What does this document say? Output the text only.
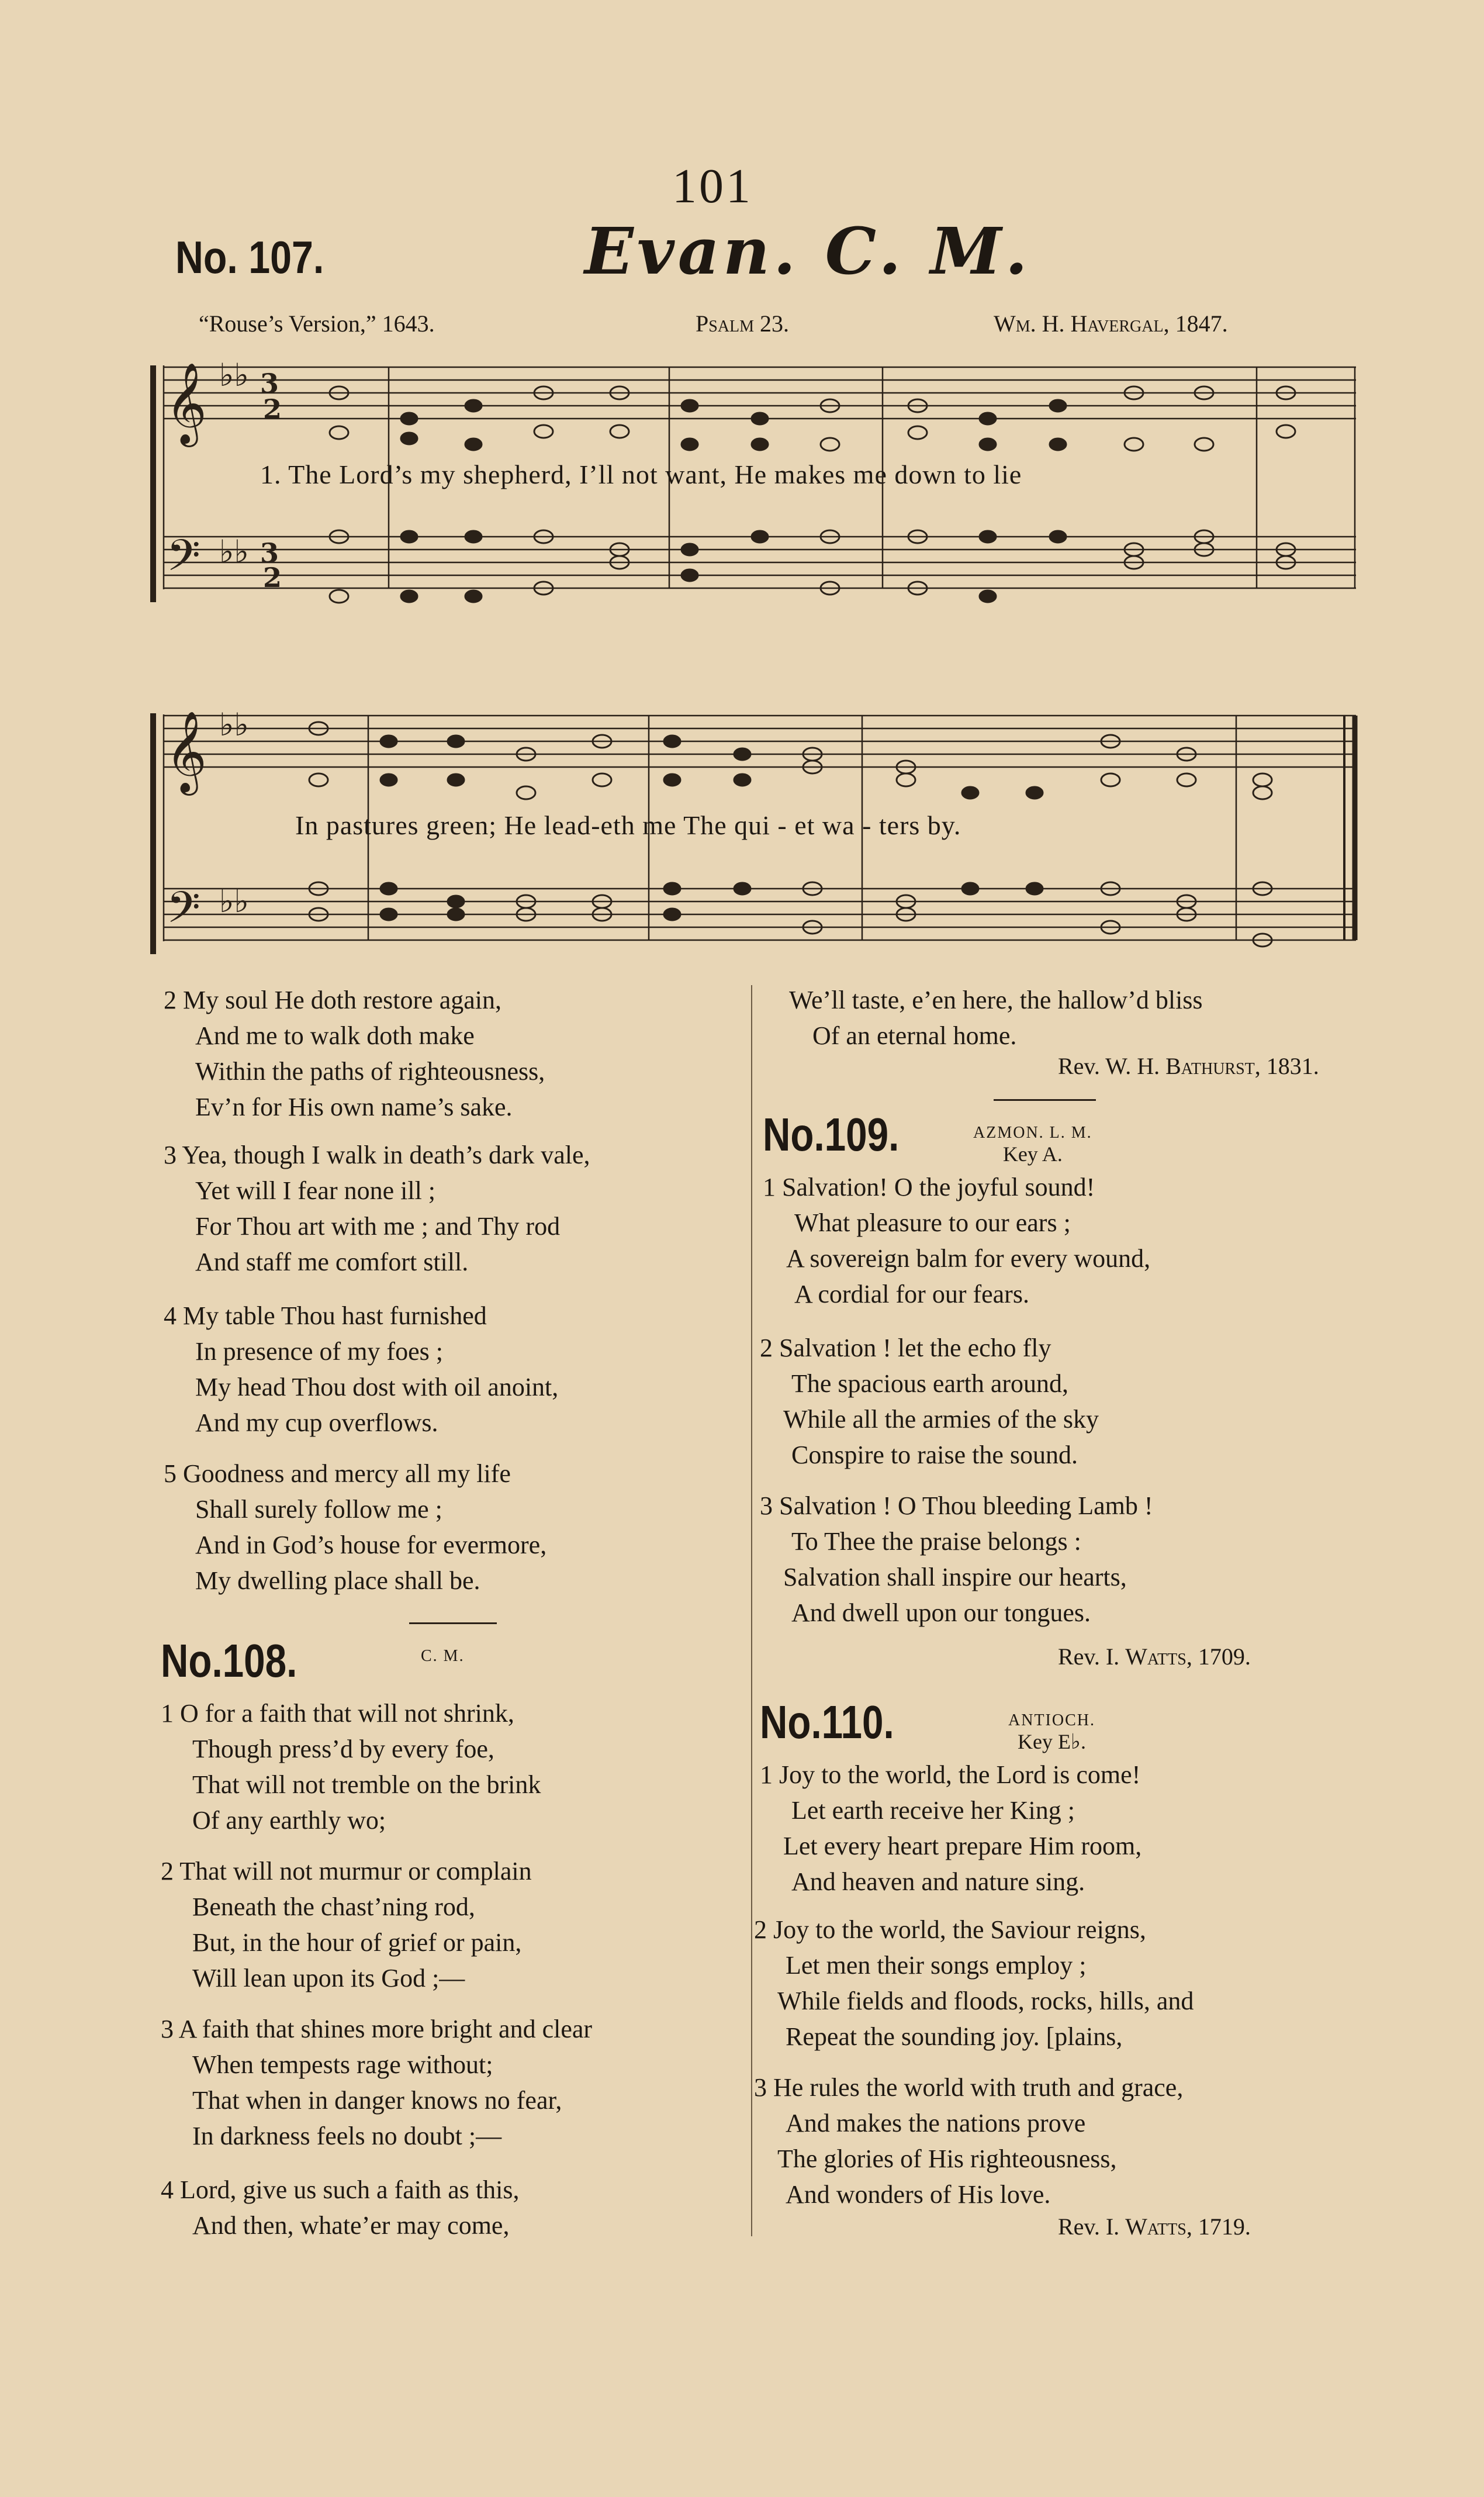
101
No. 107.	Evan. C. M.
“Rouse’s Version,” 1643.	Psalm 23.	Wm. H. Havergal, 1847.
𝄞
𝄢
𝄞
𝄢
♭♭ 3
2
♭♭ 3
2
♭♭
♭♭
1. The Lord’s my shepherd, I’ll not want, He makes me down to lie
In pastures green; He lead-eth me The qui - et wa - ters by.
2 My soul He doth restore again,
And me to walk doth make
Within the paths of righteousness,
Ev’n for His own name’s sake.
3 Yea, though I walk in death’s dark vale,
Yet will I fear none ill ;
For Thou art with me ; and Thy rod
And staff me comfort still.
4 My table Thou hast furnished
In presence of my foes ;
My head Thou dost with oil anoint,
And my cup overflows.
5 Goodness and mercy all my life
Shall surely follow me ;
And in God’s house for evermore,
My dwelling place shall be.
No.108.	C. M.
1 O for a faith that will not shrink,
Though press’d by every foe,
That will not tremble on the brink
Of any earthly wo;
2 That will not murmur or complain
Beneath the chast’ning rod,
But, in the hour of grief or pain,
Will lean upon its God ;—
3 A faith that shines more bright and clear
When tempests rage without;
That when in danger knows no fear,
In darkness feels no doubt ;—
4 Lord, give us such a faith as this,
And then, whate’er may come,
We’ll taste, e’en here, the hallow’d bliss
Of an eternal home.
Rev. W. H. Bathurst, 1831.
No.109.	AZMON. L. M.
Key A.
1 Salvation! O the joyful sound!
What pleasure to our ears ;
A sovereign balm for every wound,
A cordial for our fears.
2 Salvation ! let the echo fly
The spacious earth around,
While all the armies of the sky
Conspire to raise the sound.
3 Salvation ! O Thou bleeding Lamb !
To Thee the praise belongs :
Salvation shall inspire our hearts,
And dwell upon our tongues.
Rev. I. Watts, 1709.
No.110.	ANTIOCH.
Key E♭.
1 Joy to the world, the Lord is come!
Let earth receive her King ;
Let every heart prepare Him room,
And heaven and nature sing.
2 Joy to the world, the Saviour reigns,
Let men their songs employ ;
While fields and floods, rocks, hills, and
Repeat the sounding joy. [plains,
3 He rules the world with truth and grace,
And makes the nations prove
The glories of His righteousness,
And wonders of His love.
Rev. I. Watts, 1719.
